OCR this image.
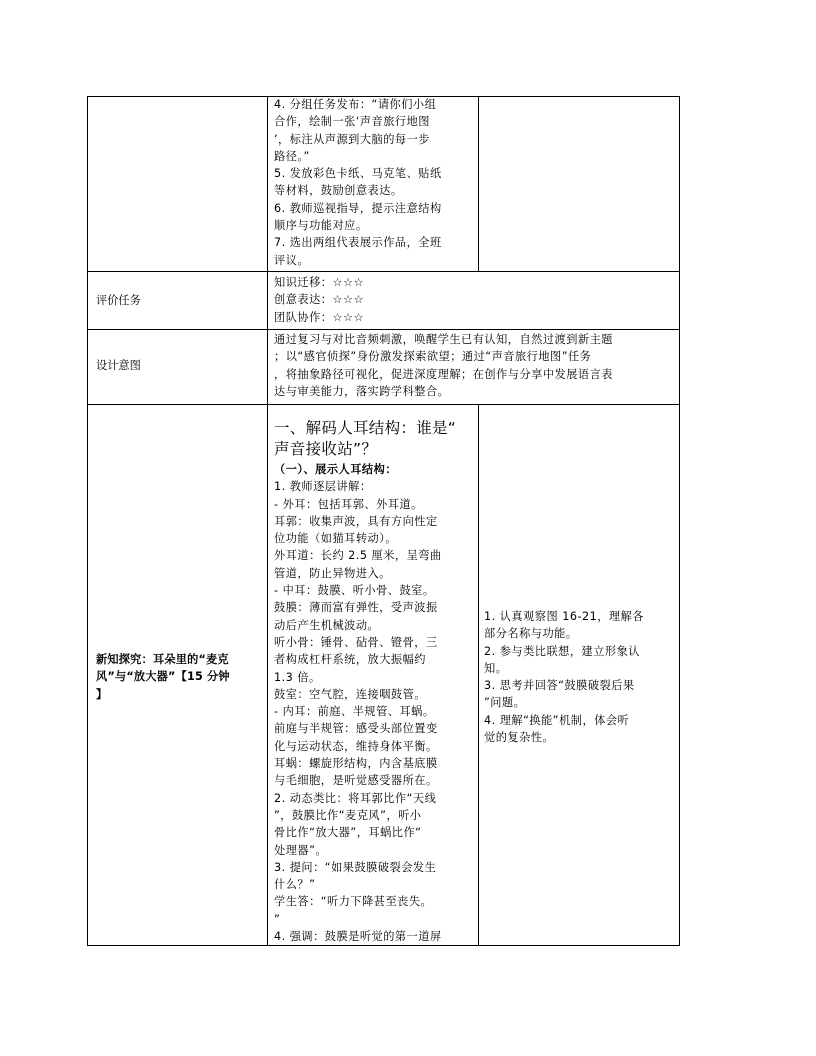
4. 分组任务发布：“请你们小组
合作，绘制一张‘声音旅行地图
’，标注从声源到大脑的每一步
路径。”
5. 发放彩色卡纸、马克笔、贴纸
等材料，鼓励创意表达。
6. 教师巡视指导，提示注意结构
顺序与功能对应。
7. 选出两组代表展示作品，全班
评议。
评价任务
知识迁移：☆☆☆
创意表达：☆☆☆
团队协作：☆☆☆
设计意图
通过复习与对比音频刺激，唤醒学生已有认知，自然过渡到新主题
；以“感官侦探”身份激发探索欲望；通过“声音旅行地图”任务
，将抽象路径可视化，促进深度理解；在创作与分享中发展语言表
达与审美能力，落实跨学科整合。
新知探究：耳朵里的“麦克
风”与“放大器”【15 分钟
】
一、解码人耳结构：谁是“
声音接收站”？
（一）、展示人耳结构：
1. 教师逐层讲解：
- 外耳：包括耳郭、外耳道。
耳郭：收集声波，具有方向性定
位功能（如猫耳转动）。
外耳道：长约 2.5 厘米，呈弯曲
管道，防止异物进入。
- 中耳：鼓膜、听小骨、鼓室。
鼓膜：薄而富有弹性，受声波振
动后产生机械波动。
听小骨：锤骨、砧骨、镫骨，三
者构成杠杆系统，放大振幅约
1.3 倍。
鼓室：空气腔，连接咽鼓管。
- 内耳：前庭、半规管、耳蜗。
前庭与半规管：感受头部位置变
化与运动状态，维持身体平衡。
耳蜗：螺旋形结构，内含基底膜
与毛细胞，是听觉感受器所在。
2. 动态类比：将耳郭比作“天线
”，鼓膜比作“麦克风”，听小
骨比作“放大器”，耳蜗比作“
处理器”。
3. 提问：“如果鼓膜破裂会发生
什么？”
学生答：“听力下降甚至丧失。
”
4. 强调：鼓膜是听觉的第一道屏
1. 认真观察图 16-21，理解各
部分名称与功能。
2. 参与类比联想，建立形象认
知。
3. 思考并回答“鼓膜破裂后果
”问题。
4. 理解“换能”机制，体会听
觉的复杂性。
